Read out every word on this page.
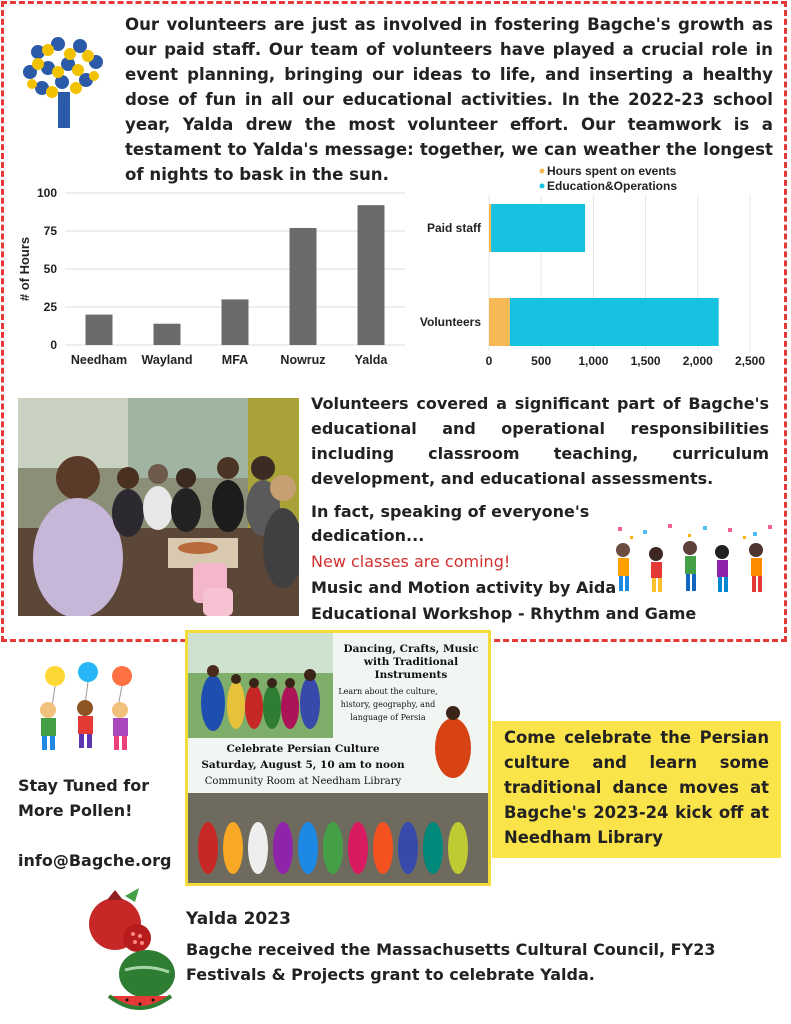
Our volunteers are just as involved in fostering Bagche's growth as our paid staff. Our team of volunteers have played a crucial role in event planning, bringing our ideas to life, and inserting a healthy dose of fun in all our educational activities. In the 2022-23 school year, Yalda drew the most volunteer effort. Our teamwork is a testament to Yalda's message: together, we can weather the longest of nights to bask in the sun.

0
25
50
75
100
Needham Wayland MFA	Nowruz Yalda
# of Hours
0	500 1,000 1,500 2,000 2,500
Paid staff
Volunteers
Hours spent on events
Education&Operations
Volunteers covered a significant part of Bagche's educational and operational responsibilities including classroom teaching, curriculum development, and educational assessments.
In fact, speaking of everyone's dedication...
New classes are coming!
Music and Motion activity by Aida
Educational Workshop - Rhythm and Game
Stay Tuned for More Pollen!
info@Bagche.org
Dancing, Crafts, Music with Traditional Instruments
Learn about the culture, history, geography, and language of Persia
Celebrate Persian Culture
Saturday, August 5, 10 am to noon
Community Room at Needham Library
Come celebrate the Persian culture and learn some traditional dance moves at Bagche's 2023-24 kick off at Needham Library
Yalda 2023
Bagche received the Massachusetts Cultural Council, FY23 Festivals & Projects grant to celebrate Yalda.
